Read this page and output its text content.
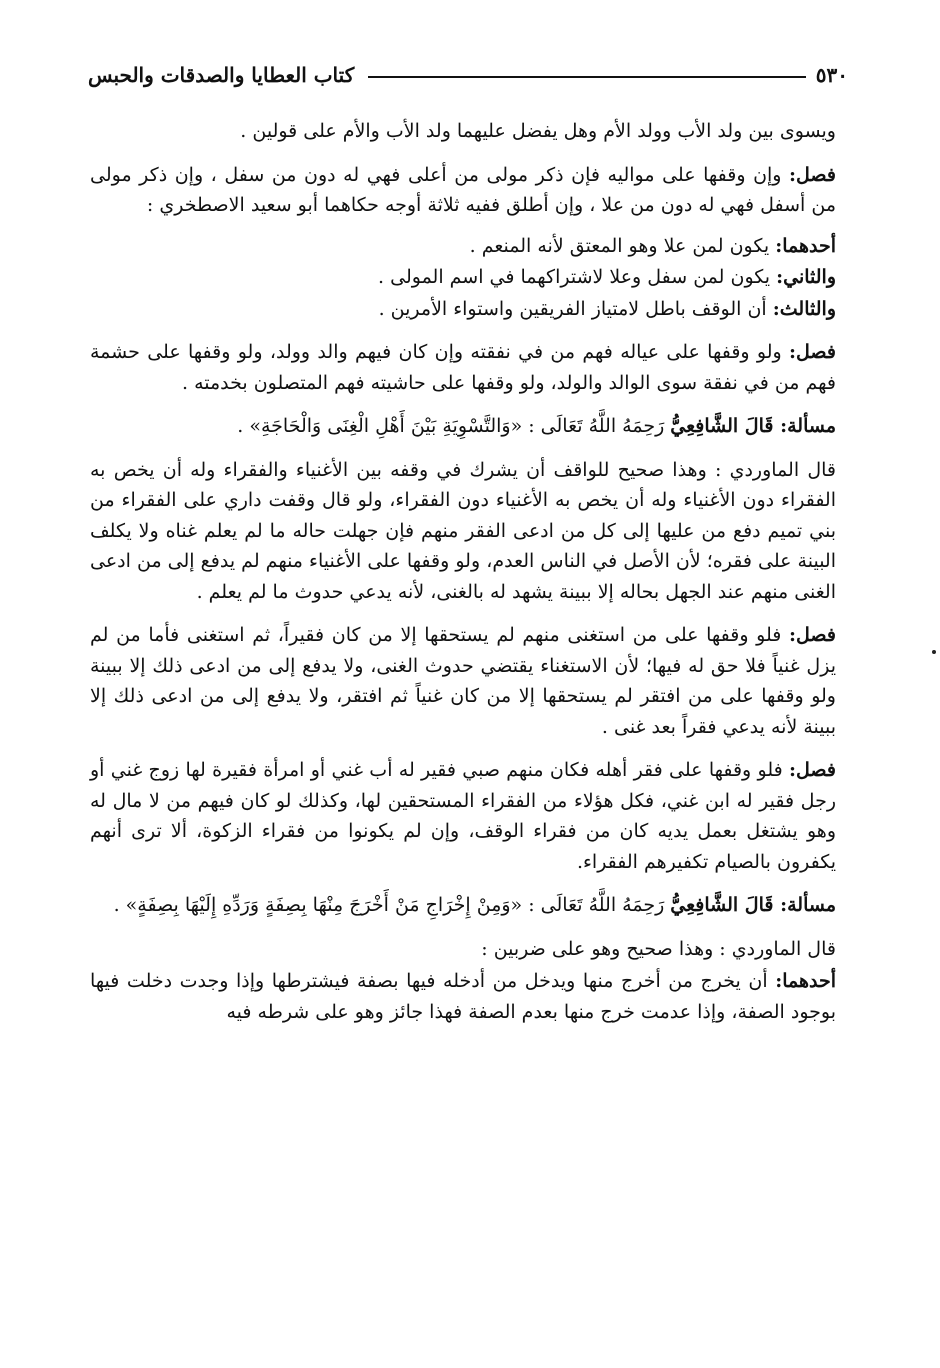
٥٣٠
كتاب العطايا والصدقات والحبس

ويسوى بين ولد الأب وولد الأم وهل يفضل عليهما ولد الأب والأم على قولين .

فصل: وإن وقفها على مواليه فإن ذكر مولى من أعلى فهي له دون من سفل ، وإن ذكر مولى من أسفل فهي له دون من علا ، وإن أطلق ففيه ثلاثة أوجه حكاهما أبو سعيد الاصطخري :

أحدهما: يكون لمن علا وهو المعتق لأنه المنعم .

والثاني: يكون لمن سفل وعلا لاشتراكهما في اسم المولى .

والثالث: أن الوقف باطل لامتياز الفريقين واستواء الأمرين .

فصل: ولو وقفها على عياله فهم من في نفقته وإن كان فيهم والد وولد، ولو وقفها على حشمة فهم من في نفقة سوى الوالد والولد، ولو وقفها على حاشيته فهم المتصلون بخدمته .

مسألة: قَالَ الشَّافِعِيُّ رَحِمَهُ اللَّهُ تَعَالَى : «وَالتَّسْوِيَةِ بَيْنَ أَهْلِ الْغِنَى وَالْحَاجَةِ» .

قال الماوردي : وهذا صحيح للواقف أن يشرك في وقفه بين الأغنياء والفقراء وله أن يخص به الفقراء دون الأغنياء وله أن يخص به الأغنياء دون الفقراء، ولو قال وقفت داري على الفقراء من بني تميم دفع من عليها إلى كل من ادعى الفقر منهم فإن جهلت حاله ما لم يعلم غناه ولا يكلف البينة على فقره؛ لأن الأصل في الناس العدم، ولو وقفها على الأغنياء منهم لم يدفع إلى من ادعى الغنى منهم عند الجهل بحاله إلا ببينة يشهد له بالغنى، لأنه يدعي حدوث ما لم يعلم .

فصل: فلو وقفها على من استغنى منهم لم يستحقها إلا من كان فقيراً، ثم استغنى فأما من لم يزل غنياً فلا حق له فيها؛ لأن الاستغناء يقتضي حدوث الغنى، ولا يدفع إلى من ادعى ذلك إلا ببينة ولو وقفها على من افتقر لم يستحقها إلا من كان غنياً ثم افتقر، ولا يدفع إلى من ادعى ذلك إلا ببينة لأنه يدعي فقراً بعد غنى .

فصل: فلو وقفها على فقر أهله فكان منهم صبي فقير له أب غني أو امرأة فقيرة لها زوج غني أو رجل فقير له ابن غني، فكل هؤلاء من الفقراء المستحقين لها، وكذلك لو كان فيهم من لا مال له وهو يشتغل بعمل يديه كان من فقراء الوقف، وإن لم يكونوا من فقراء الزكوة، ألا ترى أنهم يكفرون بالصيام تكفيرهم الفقراء.

مسألة: قَالَ الشَّافِعِيُّ رَحِمَهُ اللَّهُ تَعَالَى : «وَمِنْ إِخْرَاجِ مَنْ أَخْرَجَ مِنْهَا بِصِفَةٍ وَرَدِّهِ إِلَيْهَا بِصِفَةٍ» .

قال الماوردي : وهذا صحيح وهو على ضربين :

أحدهما: أن يخرج من أخرج منها ويدخل من أدخله فيها بصفة فيشترطها وإذا وجدت دخلت فيها بوجود الصفة، وإذا عدمت خرج منها بعدم الصفة فهذا جائز وهو على شرطه فيه
